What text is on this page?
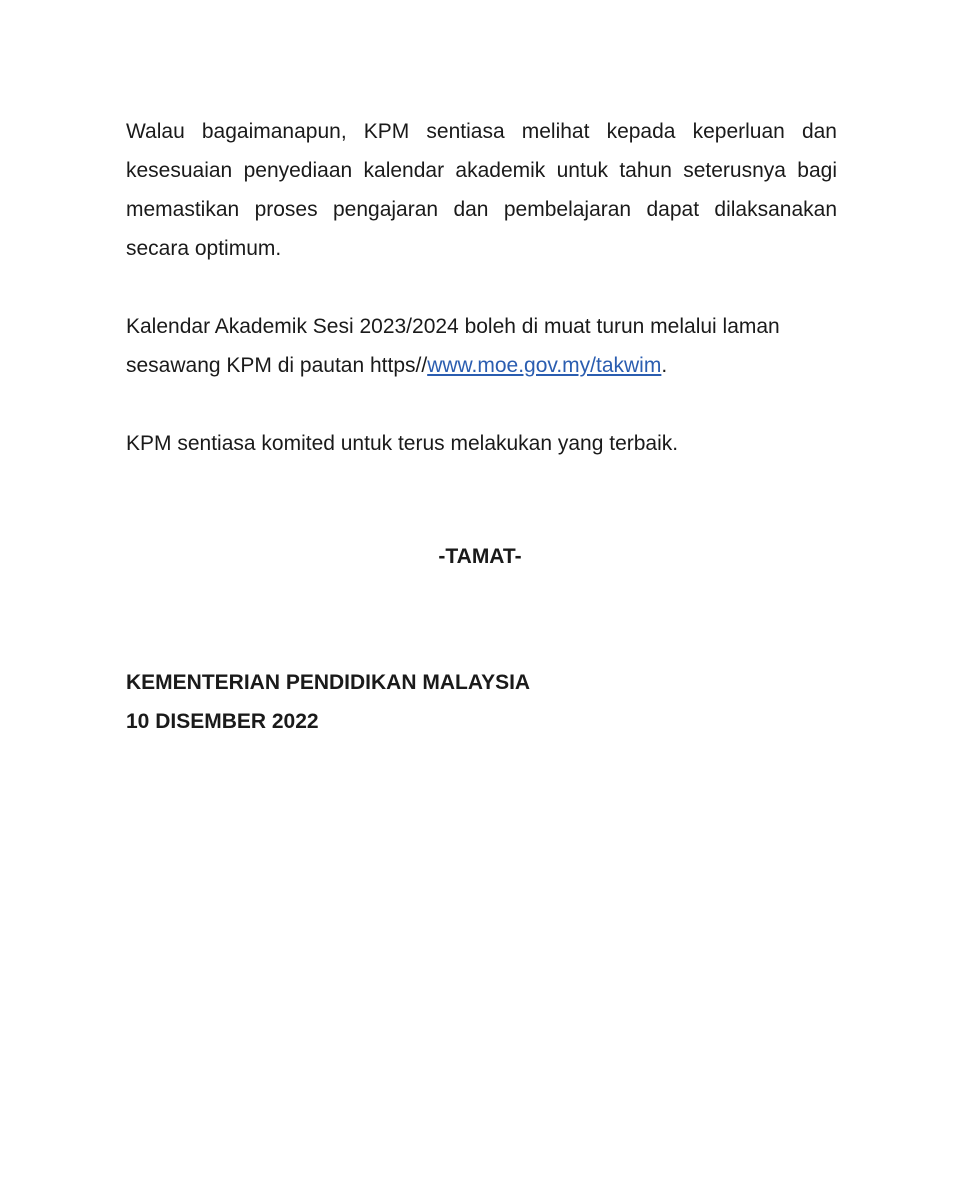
Walau bagaimanapun, KPM sentiasa melihat kepada keperluan dan kesesuaian penyediaan kalendar akademik untuk tahun seterusnya bagi memastikan proses pengajaran dan pembelajaran dapat dilaksanakan secara optimum.

Kalendar Akademik Sesi 2023/2024 boleh di muat turun melalui laman
sesawang KPM di pautan https//www.moe.gov.my/takwim.

KPM sentiasa komited untuk terus melakukan yang terbaik.

-TAMAT-
KEMENTERIAN PENDIDIKAN MALAYSIA
10 DISEMBER 2022
